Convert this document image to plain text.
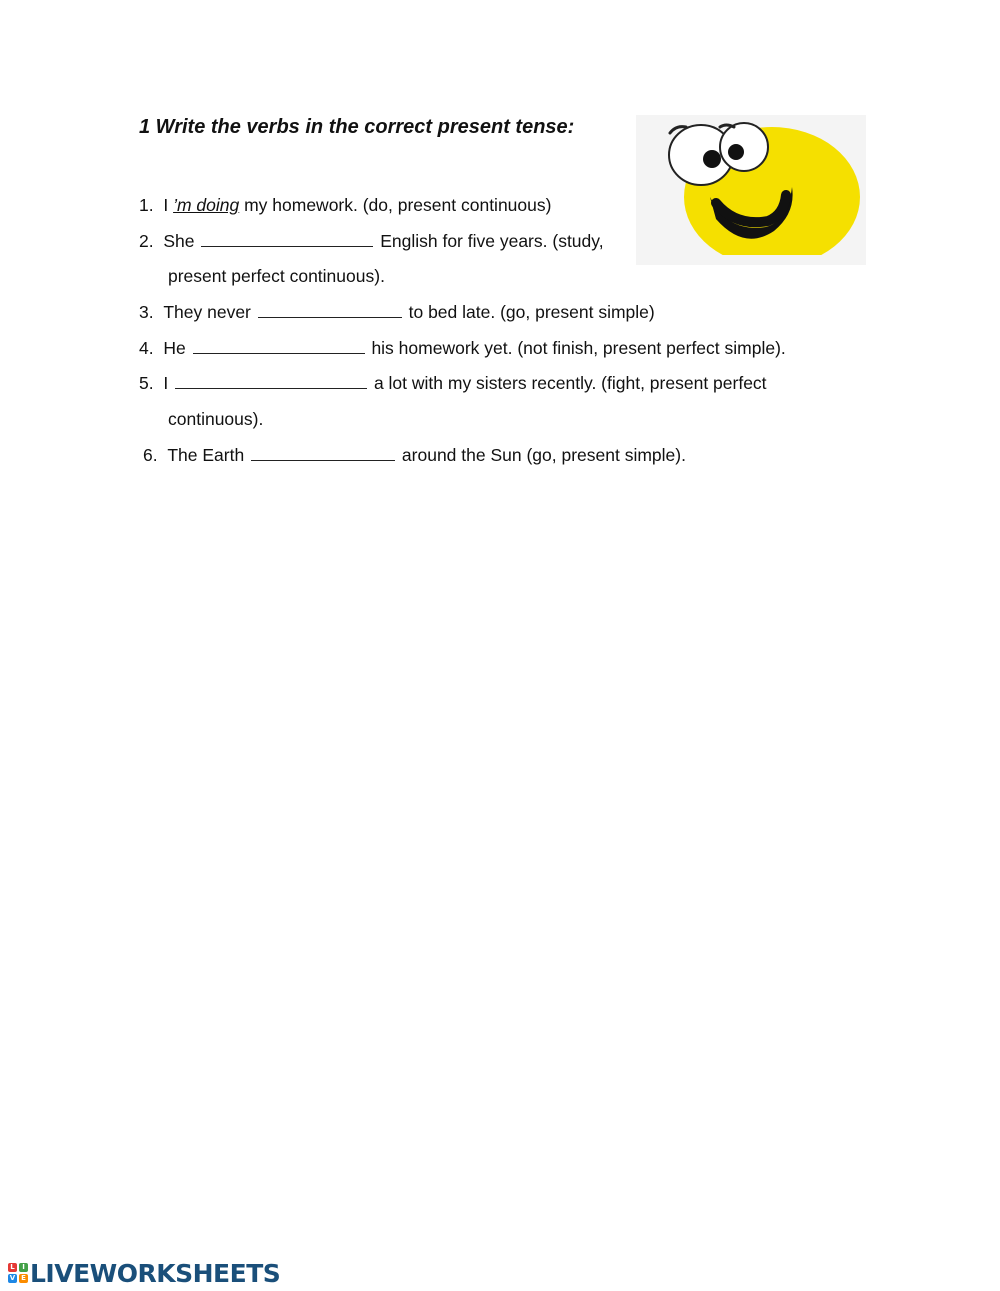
1 Write the verbs in the correct present tense:
1. I ’m doing my homework. (do, present continuous)
2. She	English for five years. (study,
present perfect continuous).
3. They never	to bed late. (go, present simple)
4. He	his homework yet. (not finish, present perfect simple).
5. I	a lot with my sisters recently. (fight, present perfect
continuous).
6. The Earth	around the Sun (go, present simple).
L	I
V E LIVEWORKSHEETS
